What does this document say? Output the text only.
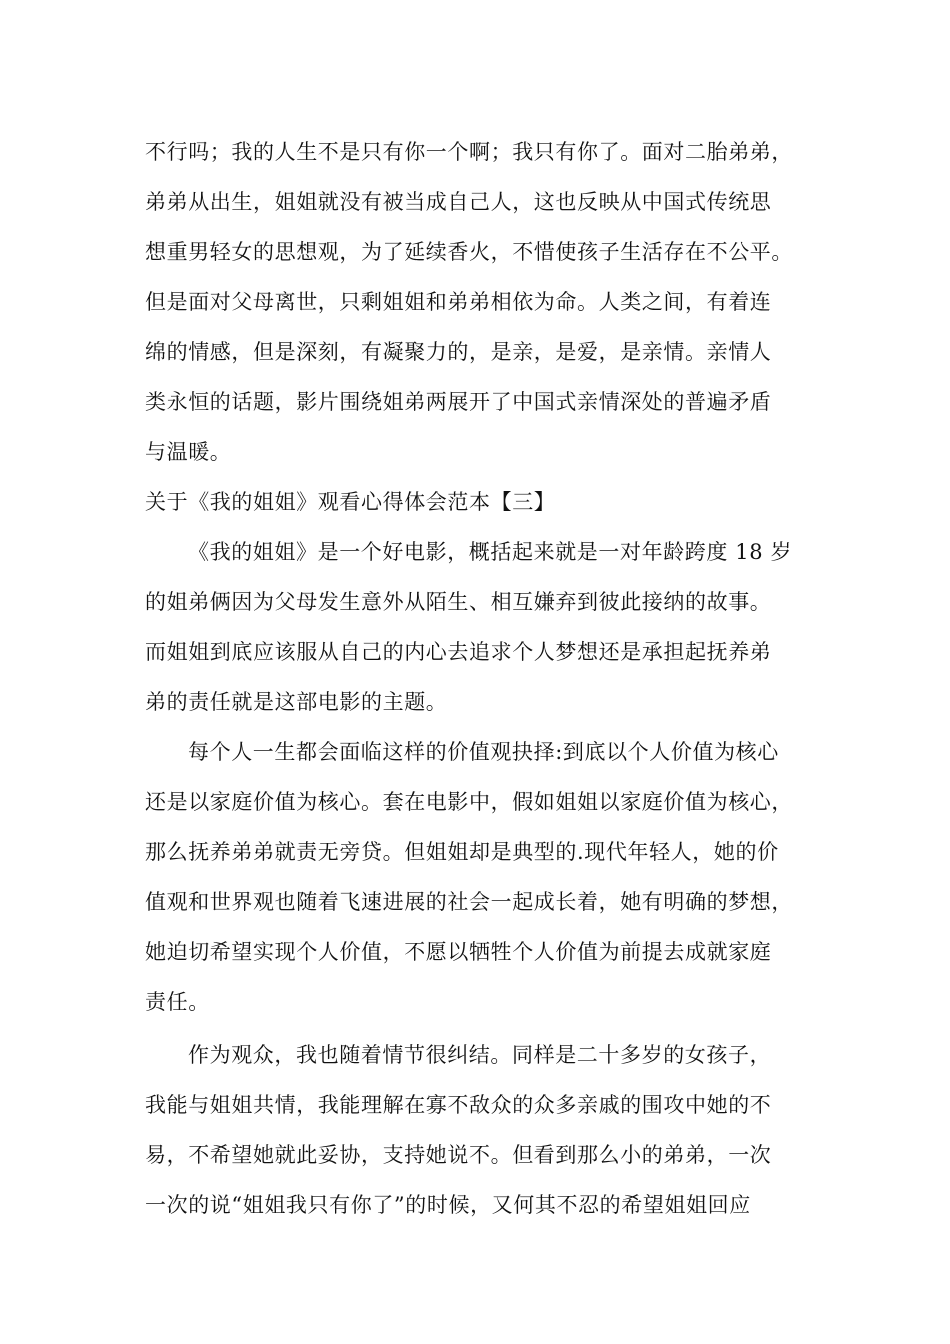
不行吗；我的人生不是只有你一个啊；我只有你了。面对二胎弟弟，
弟弟从出生，姐姐就没有被当成自己人，这也反映从中国式传统思
想重男轻女的思想观，为了延续香火，不惜使孩子生活存在不公平。
但是面对父母离世，只剩姐姐和弟弟相依为命。人类之间，有着连
绵的情感，但是深刻，有凝聚力的，是亲，是爱，是亲情。亲情人
类永恒的话题，影片围绕姐弟两展开了中国式亲情深处的普遍矛盾
与温暖。
关于《我的姐姐》观看心得体会范本【三】
《我的姐姐》是一个好电影，概括起来就是一对年龄跨度 18 岁
的姐弟俩因为父母发生意外从陌生、相互嫌弃到彼此接纳的故事。
而姐姐到底应该服从自己的内心去追求个人梦想还是承担起抚养弟
弟的责任就是这部电影的主题。
每个人一生都会面临这样的价值观抉择:到底以个人价值为核心
还是以家庭价值为核心。套在电影中，假如姐姐以家庭价值为核心，
那么抚养弟弟就责无旁贷。但姐姐却是典型的.现代年轻人，她的价
值观和世界观也随着飞速进展的社会一起成长着，她有明确的梦想，
她迫切希望实现个人价值，不愿以牺牲个人价值为前提去成就家庭
责任。
作为观众，我也随着情节很纠结。同样是二十多岁的女孩子，
我能与姐姐共情，我能理解在寡不敌众的众多亲戚的围攻中她的不
易，不希望她就此妥协，支持她说不。但看到那么小的弟弟，一次
一次的说“姐姐我只有你了”的时候，又何其不忍的希望姐姐回应
